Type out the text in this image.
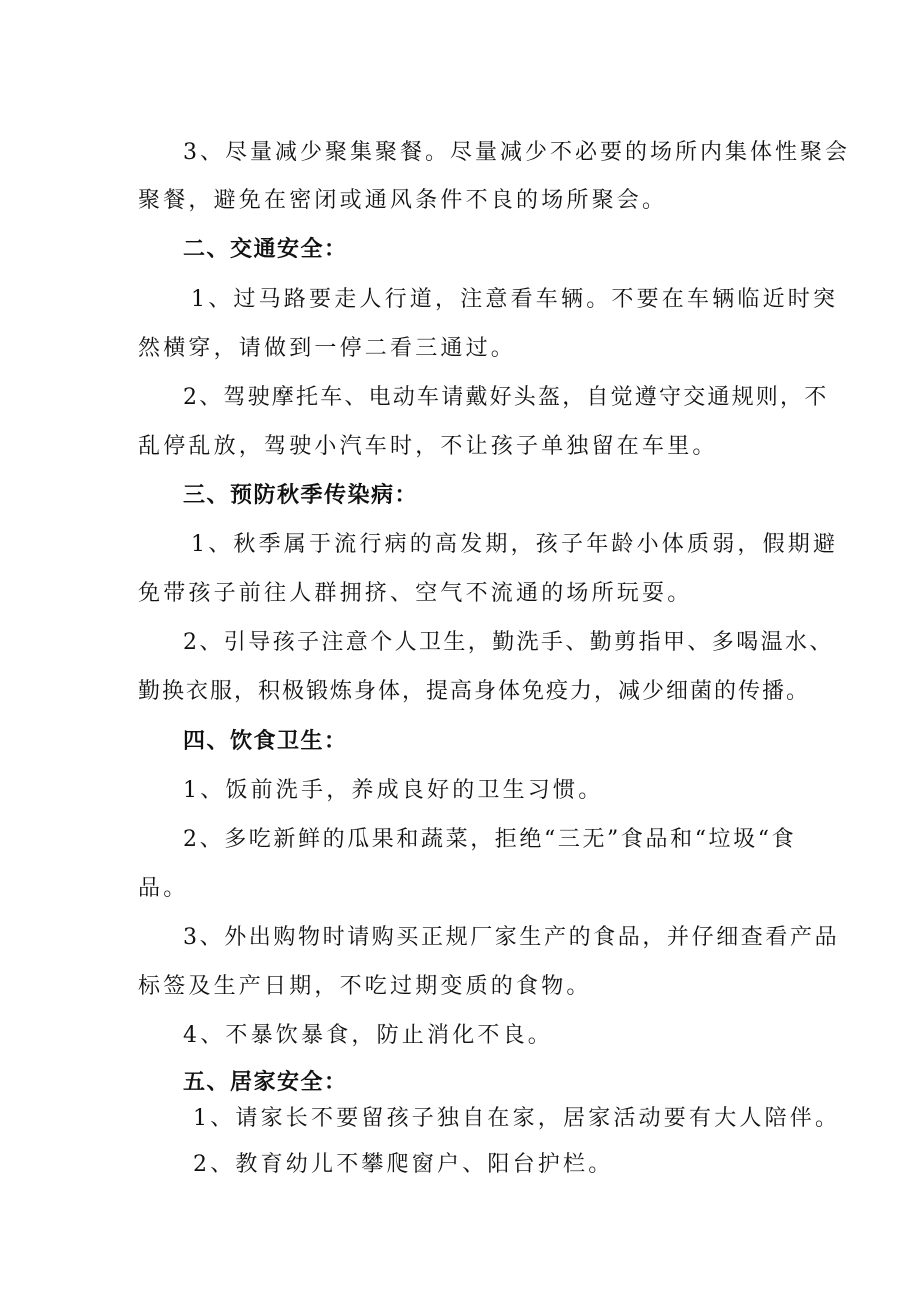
3、尽量减少聚集聚餐。尽量减少不必要的场所内集体性聚会
聚餐，避免在密闭或通风条件不良的场所聚会。
二、交通安全：
1、过马路要走人行道，注意看车辆。不要在车辆临近时突
然横穿，请做到一停二看三通过。
2、驾驶摩托车、电动车请戴好头盔，自觉遵守交通规则，不
乱停乱放，驾驶小汽车时，不让孩子单独留在车里。
三、预防秋季传染病：
1、秋季属于流行病的高发期，孩子年龄小体质弱，假期避
免带孩子前往人群拥挤、空气不流通的场所玩耍。
2、引导孩子注意个人卫生，勤洗手、勤剪指甲、多喝温水、
勤换衣服，积极锻炼身体，提高身体免疫力，减少细菌的传播。
四、饮食卫生：
1、饭前洗手，养成良好的卫生习惯。
2、多吃新鲜的瓜果和蔬菜，拒绝“三无”食品和“垃圾“食
品。
3、外出购物时请购买正规厂家生产的食品，并仔细查看产品
标签及生产日期，不吃过期变质的食物。
4、不暴饮暴食，防止消化不良。
五、居家安全：
1、请家长不要留孩子独自在家，居家活动要有大人陪伴。
2、教育幼儿不攀爬窗户、阳台护栏。
